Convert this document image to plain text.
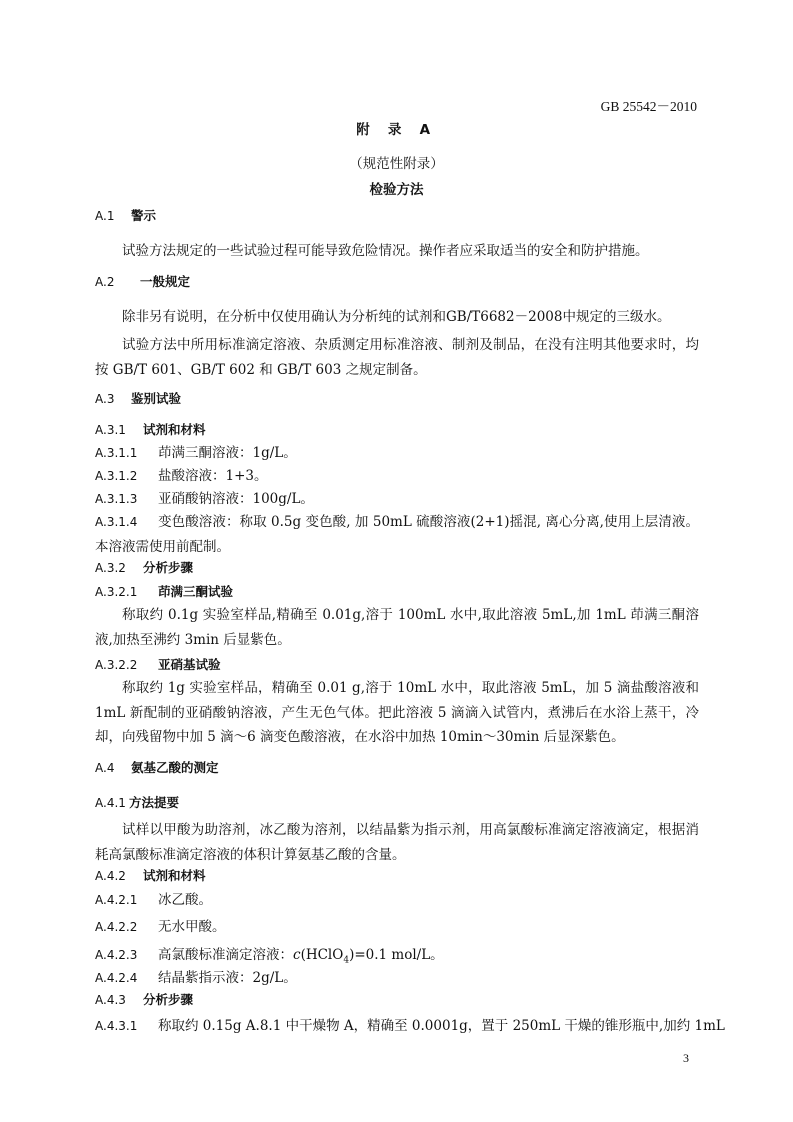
GB 25542－2010
附 录 A
（规范性附录）
检验方法
A.1 警示
试验方法规定的一些试验过程可能导致危险情况。操作者应采取适当的安全和防护措施。
A.2 一般规定
除非另有说明，在分析中仅使用确认为分析纯的试剂和GB/T6682－2008中规定的三级水。
试验方法中所用标准滴定溶液、杂质测定用标准溶液、制剂及制品，在没有注明其他要求时，均按 GB/T 601、GB/T 602 和 GB/T 603 之规定制备。
A.3 鉴别试验
A.3.1 试剂和材料
A.3.1.1 茚满三酮溶液：1g/L。
A.3.1.2 盐酸溶液：1+3。
A.3.1.3 亚硝酸钠溶液：100g/L。
A.3.1.4 变色酸溶液：称取 0.5g 变色酸, 加 50mL 硫酸溶液(2+1)摇混, 离心分离,使用上层清液。本溶液需使用前配制。
A.3.2 分析步骤
A.3.2.1 茚满三酮试验
称取约 0.1g 实验室样品,精确至 0.01g,溶于 100mL 水中,取此溶液 5mL,加 1mL 茚满三酮溶液,加热至沸约 3min 后显紫色。
A.3.2.2 亚硝基试验
称取约 1g 实验室样品，精确至 0.01 g,溶于 10mL 水中，取此溶液 5mL，加 5 滴盐酸溶液和 1mL 新配制的亚硝酸钠溶液，产生无色气体。把此溶液 5 滴滴入试管内，煮沸后在水浴上蒸干，冷却，向残留物中加 5 滴～6 滴变色酸溶液，在水浴中加热 10min～30min 后显深紫色。
A.4 氨基乙酸的测定
A.4.1 方法提要
试样以甲酸为助溶剂，冰乙酸为溶剂，以结晶紫为指示剂，用高氯酸标准滴定溶液滴定，根据消耗高氯酸标准滴定溶液的体积计算氨基乙酸的含量。
A.4.2 试剂和材料
A.4.2.1 冰乙酸。
A.4.2.2 无水甲酸。
A.4.2.3 高氯酸标准滴定溶液：c(HClO$_4$)=0.1 mol/L。
A.4.2.4 结晶紫指示液：2g/L。
A.4.3 分析步骤
A.4.3.1 称取约 0.15g A.8.1 中干燥物 A，精确至 0.0001g，置于 250mL 干燥的锥形瓶中,加约 1mL
3
